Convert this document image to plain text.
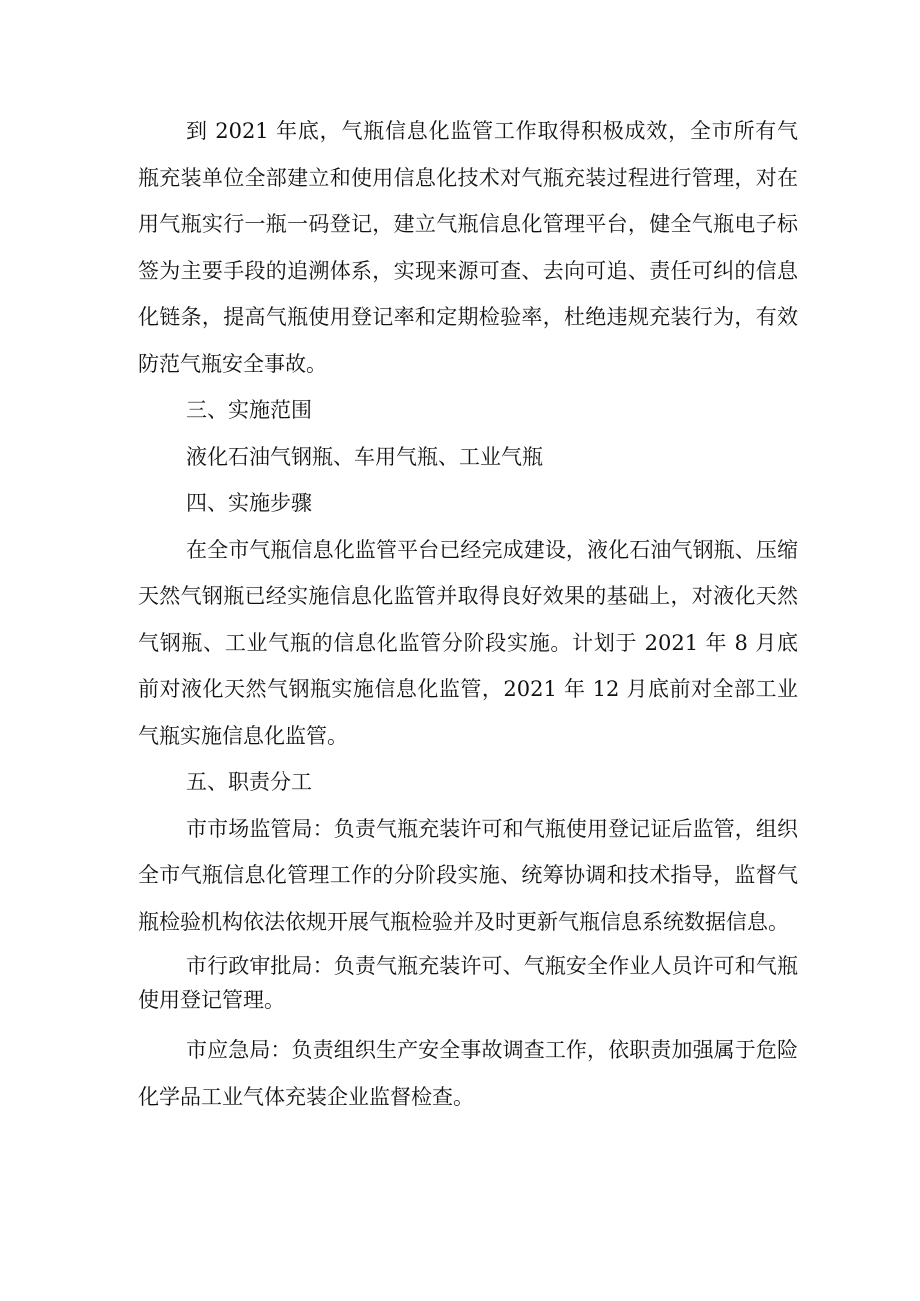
到 2021 年底，气瓶信息化监管工作取得积极成效，全市所有气瓶充装单位全部建立和使用信息化技术对气瓶充装过程进行管理，对在用气瓶实行一瓶一码登记，建立气瓶信息化管理平台，健全气瓶电子标签为主要手段的追溯体系，实现来源可查、去向可追、责任可纠的信息化链条，提高气瓶使用登记率和定期检验率，杜绝违规充装行为，有效防范气瓶安全事故。

三、实施范围

液化石油气钢瓶、车用气瓶、工业气瓶

四、实施步骤

在全市气瓶信息化监管平台已经完成建设，液化石油气钢瓶、压缩天然气钢瓶已经实施信息化监管并取得良好效果的基础上，对液化天然气钢瓶、工业气瓶的信息化监管分阶段实施。计划于 2021 年 8 月底前对液化天然气钢瓶实施信息化监管，2021 年 12 月底前对全部工业气瓶实施信息化监管。

五、职责分工

市市场监管局：负责气瓶充装许可和气瓶使用登记证后监管，组织全市气瓶信息化管理工作的分阶段实施、统筹协调和技术指导，监督气瓶检验机构依法依规开展气瓶检验并及时更新气瓶信息系统数据信息。

市行政审批局：负责气瓶充装许可、气瓶安全作业人员许可和气瓶使用登记管理。

市应急局：负责组织生产安全事故调查工作，依职责加强属于危险化学品工业气体充装企业监督检查。
